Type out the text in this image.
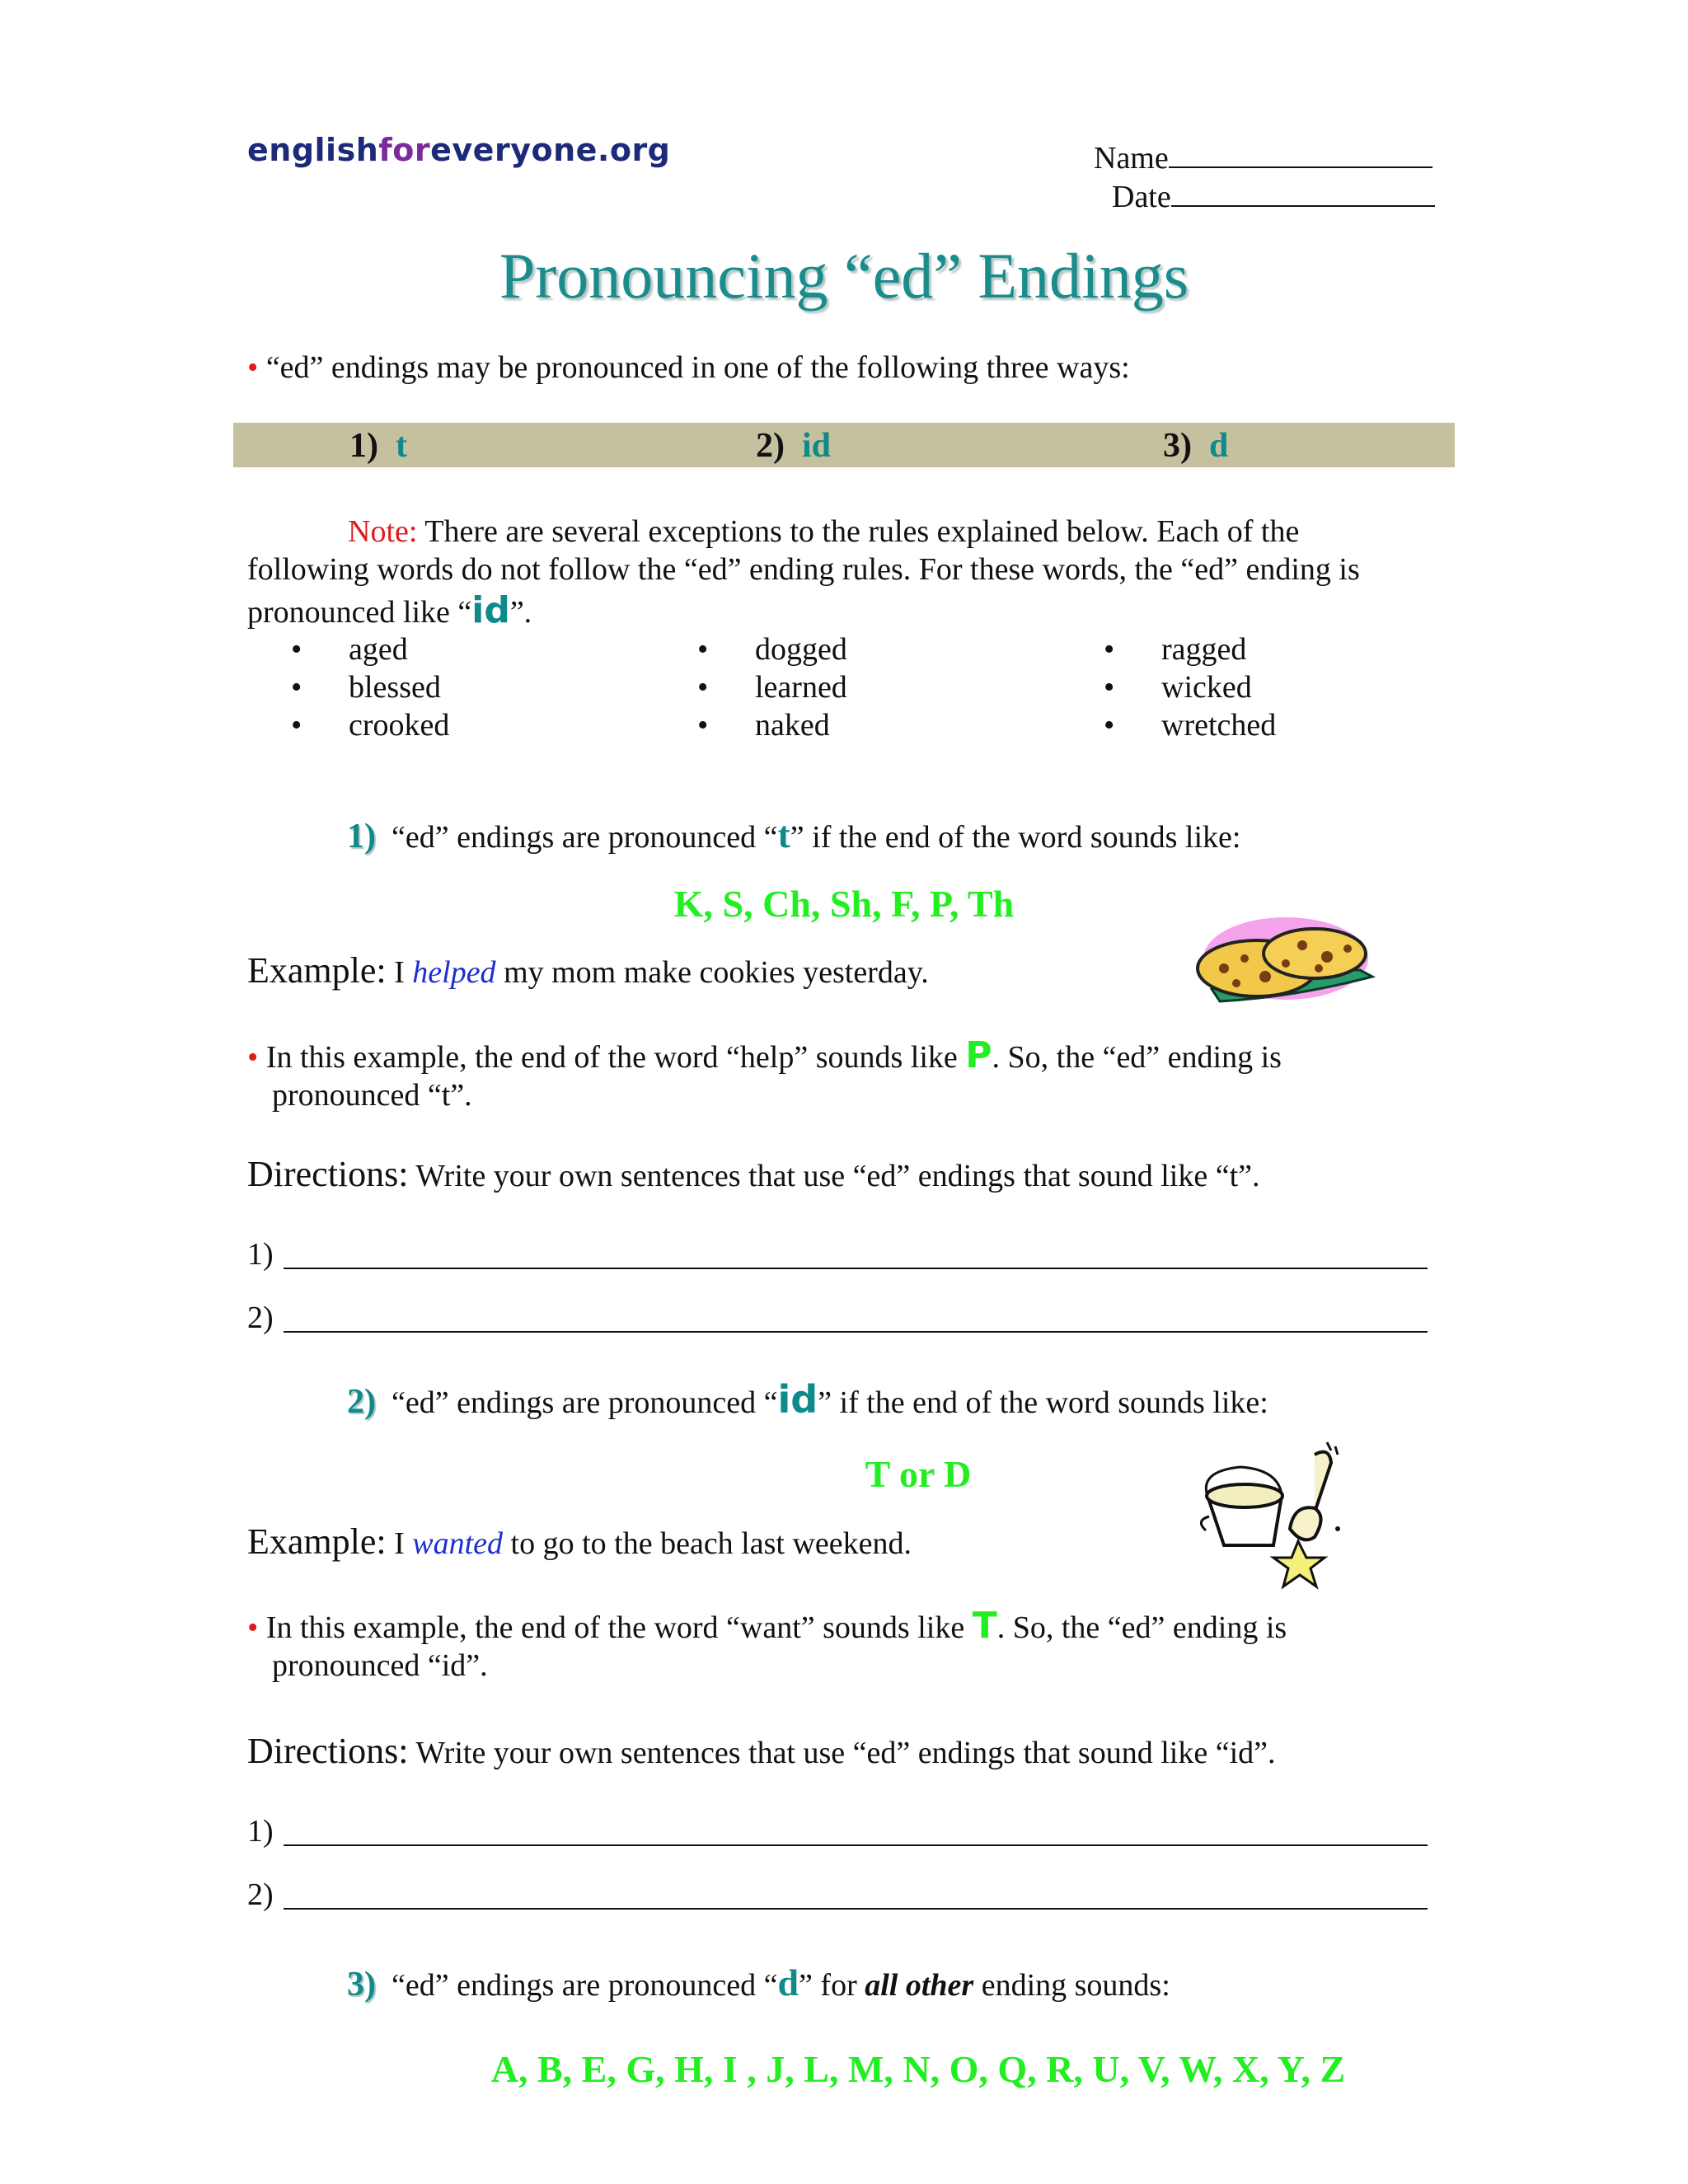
englishforeveryone.org	Name
Date
Pronouncing “ed” Endings
• “ed” endings may be pronounced in one of the following three ways:
1) t	2) id	3) d
Note: There are several exceptions to the rules explained below. Each of the
following words do not follow the “ed” ending rules. For these words, the “ed” ending is
pronounced like “id”.
• aged
• blessed
• crooked
• dogged
• learned
• naked
• ragged
• wicked
• wretched
1) “ed” endings are pronounced “t” if the end of the word sounds like:
K, S, Ch, Sh, F, P, Th
Example: I helped my mom make cookies yesterday.
• In this example, the end of the word “help” sounds like P. So, the “ed” ending is
pronounced “t”.
Directions: Write your own sentences that use “ed” endings that sound like “t”.
1)
2)
2) “ed” endings are pronounced “id” if the end of the word sounds like:
T or D
Example: I wanted to go to the beach last weekend.
• In this example, the end of the word “want” sounds like T. So, the “ed” ending is
pronounced “id”.
Directions: Write your own sentences that use “ed” endings that sound like “id”.
1)
2)
3) “ed” endings are pronounced “d” for all other ending sounds:
A, B, E, G, H, I , J, L, M, N, O, Q, R, U, V, W, X, Y, Z
